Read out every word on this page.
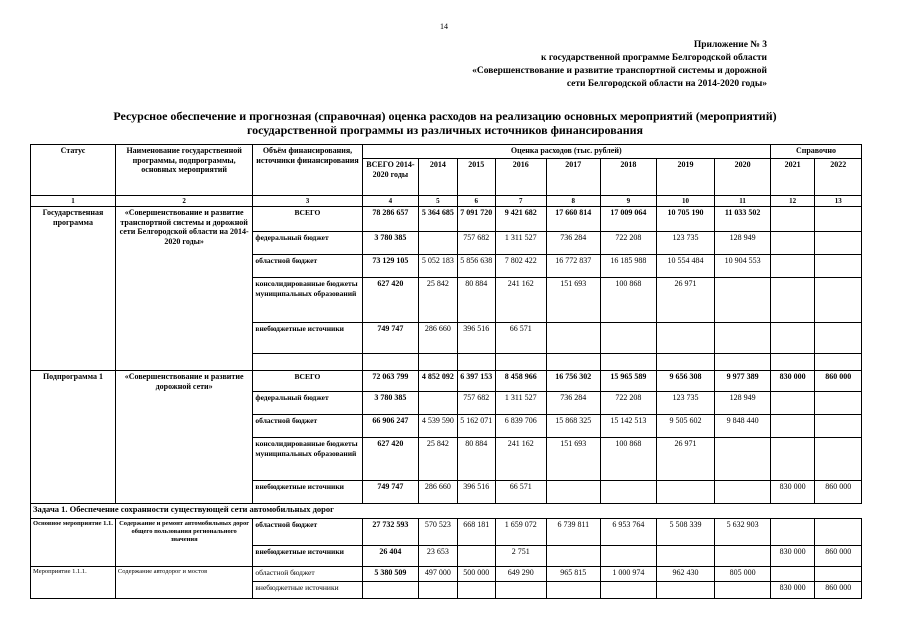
14
Приложение № 3
к государственной программе Белгородской области
«Совершенствование и развитие транспортной системы и дорожной
сети Белгородской области на 2014-2020 годы»
Ресурсное обеспечение и прогнозная (справочная) оценка расходов на реализацию основных мероприятий (мероприятий)
государственной программы из различных источников финансирования
Статус	Наименование государственной программы, подпрограммы, основных мероприятий	Объём финансирования, источники финансирования	Оценка расходов (тыс. рублей)								Справочно	
			ВСЕГО 2014-2020 годы	2014	2015	2016	2017	2018	2019	2020	2021	2022
1	2	3	4	5	6	7	8	9	10	11	12	13
Государственная программа	«Совершенствование и развитие транспортной системы и дорожной сети Белгородской области на 2014-2020 годы»	ВСЕГО	78 286 657	5 364 685	7 091 720	9 421 682	17 660 814	17 009 064	10 705 190	11 033 502		
		федеральный бюджет	3 780 385		757 682	1 311 527	736 284	722 208	123 735	128 949		
		областной бюджет	73 129 105	5 052 183	5 856 638	7 802 422	16 772 837	16 185 988	10 554 484	10 904 553		
		консолидированные бюджеты муниципальных образований	627 420	25 842	80 884	241 162	151 693	100 868	26 971			
		внебюджетные источники	749 747	286 660	396 516	66 571						

Подпрограмма 1	«Совершенствование и развитие дорожной сети»	ВСЕГО	72 063 799	4 852 092	6 397 153	8 458 966	16 756 302	15 965 589	9 656 308	9 977 389	830 000	860 000
		федеральный бюджет	3 780 385		757 682	1 311 527	736 284	722 208	123 735	128 949		
		областной бюджет	66 906 247	4 539 590	5 162 071	6 839 706	15 868 325	15 142 513	9 505 602	9 848 440		
		консолидированные бюджеты муниципальных образований	627 420	25 842	80 884	241 162	151 693	100 868	26 971			
		внебюджетные источники	749 747	286 660	396 516	66 571					830 000	860 000
Задача 1. Обеспечение сохранности существующей сети автомобильных дорог												
Основное мероприятие 1.1.	Содержание и ремонт автомобильных дорог общего пользования регионального значения	областной бюджет	27 732 593	570 523	668 181	1 659 072	6 739 811	6 953 764	5 508 339	5 632 903		
		внебюджетные источники	26 404	23 653		2 751					830 000	860 000
Мероприятие 1.1.1.	Содержание автодорог и мостов	областной бюджет	5 380 509	497 000	500 000	649 290	965 815	1 000 974	962 430	805 000		
		внебюджетные источники									830 000	860 000
